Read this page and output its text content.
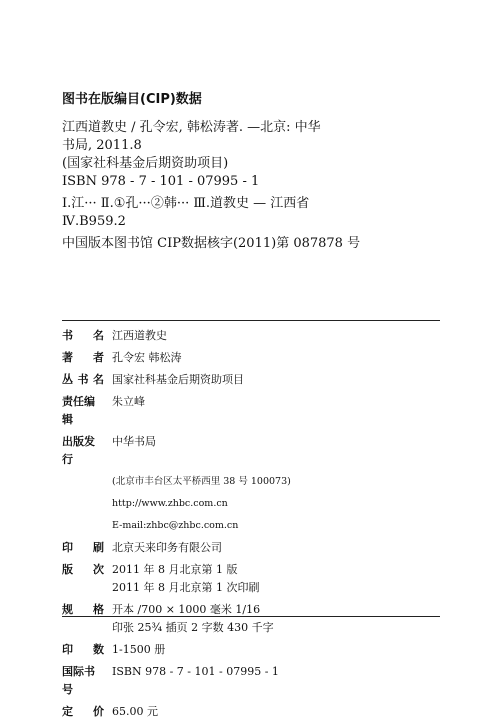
图书在版编目(CIP)数据
江西道教史 / 孔令宏, 韩松涛著. —北京: 中华
书局, 2011.8
(国家社科基金后期资助项目)
ISBN 978 - 7 - 101 - 07995 - 1
Ⅰ.江··· Ⅱ.①孔···②韩··· Ⅲ.道教史 — 江西省
Ⅳ.B959.2
中国版本图书馆 CIP数据核字(2011)第 087878 号
书 名 江西道教史
著 者 孔令宏 韩松涛
丛 书 名 国家社科基金后期资助项目
责任编辑
朱立峰
出版发行
中华书局
(北京市丰台区太平桥西里 38 号 100073)
http://www.zhbc.com.cn
E-mail:zhbc@zhbc.com.cn
印 刷 北京天来印务有限公司
版 次 2011 年 8 月北京第 1 版
2011 年 8 月北京第 1 次印刷
规 格 开本 /700 × 1000 毫米 1/16
印张 25¾ 插页 2 字数 430 千字
印 数 1-1500 册
国际书号
ISBN 978 - 7 - 101 - 07995 - 1
定 价 65.00 元
